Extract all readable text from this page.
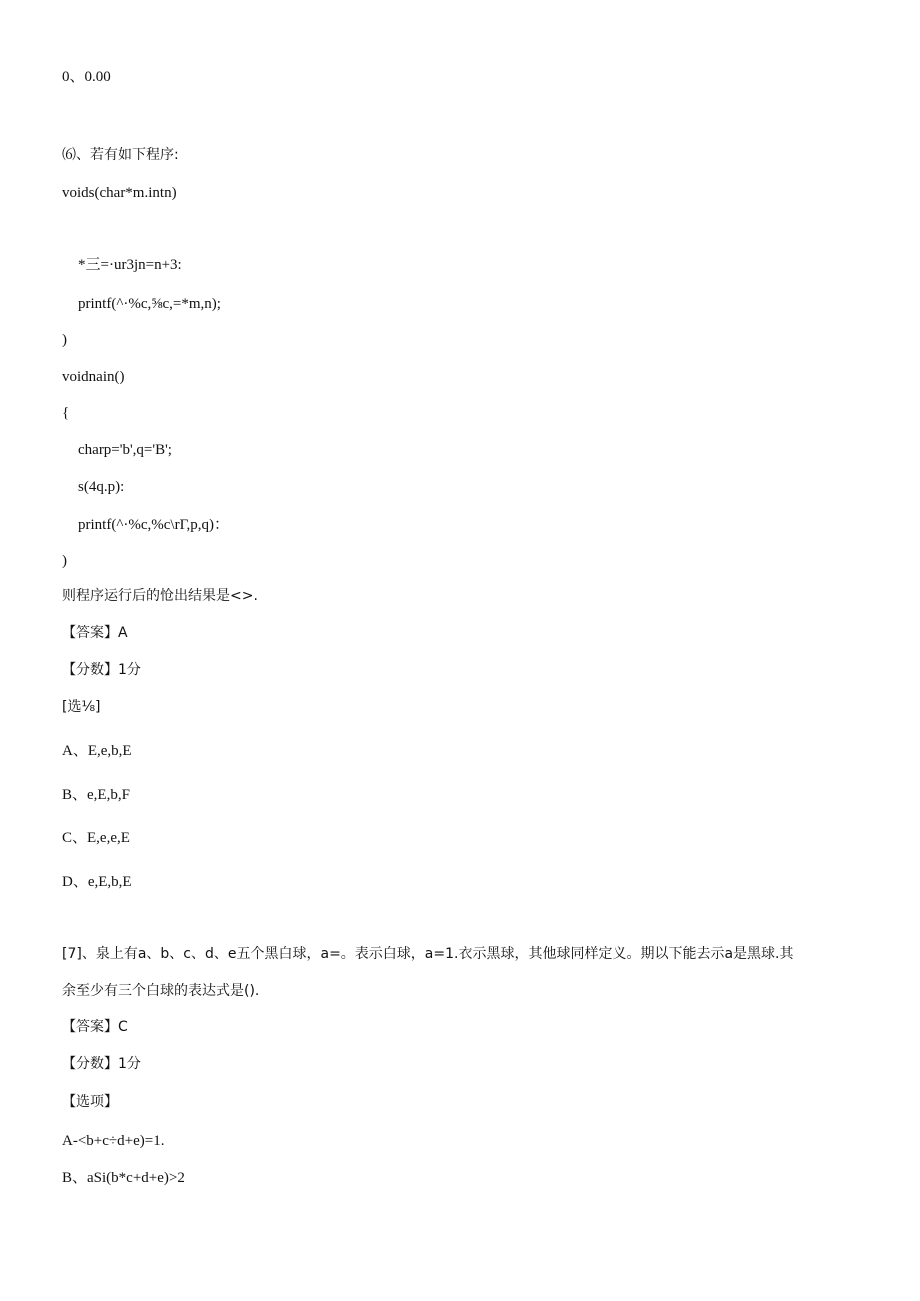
0、0.00
⑹、若有如下程序:
voids(char*m.intn)
*三=·ur3jn=n+3:
printf(^·%c,⅝c,=*m,n);
)
voidnain()
{
charp='b',q='B';
s(4q.p):
printf(^·%c,%c\rΓ,p,q)：
)
则程序运行后的怆出结果是<>.
【答案】A
【分数】1分
[选⅛]
A、E,e,b,E
B、e,E,b,F
C、E,e,e,E
D、e,E,b,E
[7]、泉上有a、b、c、d、e五个黑白球，a=。表示白球，a=1.衣示黑球，其他球同样定义。期以下能去示a是黑球.其
余至少有三个白球的表达式是().
【答案】C
【分数】1分
【选项】
A-<b+c÷d+e)=1.
B、aSi(b*c+d+e)>2
